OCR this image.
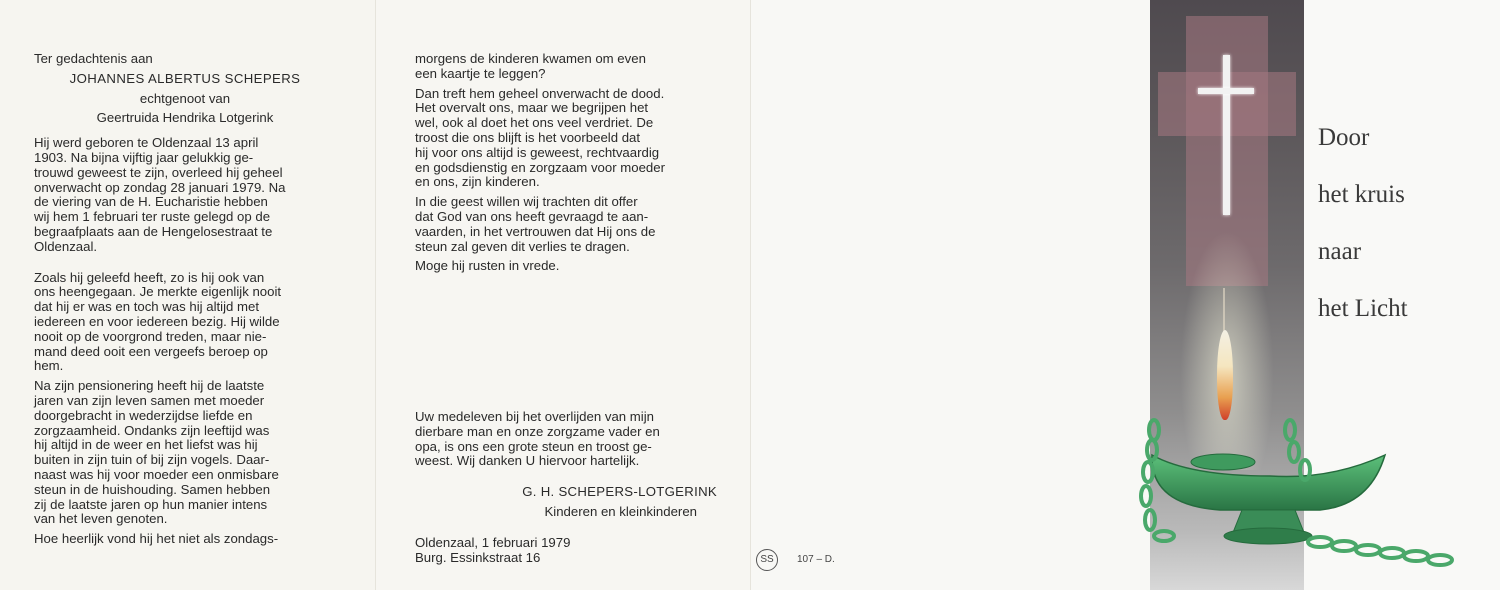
Ter gedachtenis aan

JOHANNES ALBERTUS SCHEPERS

echtgenoot van

Geertruida Hendrika Lotgerink

Hij werd geboren te Oldenzaal 13 april

1903. Na bijna vijftig jaar gelukkig ge-

trouwd geweest te zijn, overleed hij geheel

onverwacht op zondag 28 januari 1979. Na

de viering van de H. Eucharistie hebben

wij hem 1 februari ter ruste gelegd op de

begraafplaats aan de Hengelosestraat te

Oldenzaal.

Zoals hij geleefd heeft, zo is hij ook van

ons heengegaan. Je merkte eigenlijk nooit

dat hij er was en toch was hij altijd met

iedereen en voor iedereen bezig. Hij wilde

nooit op de voorgrond treden, maar nie-

mand deed ooit een vergeefs beroep op

hem.

Na zijn pensionering heeft hij de laatste

jaren van zijn leven samen met moeder

doorgebracht in wederzijdse liefde en

zorgzaamheid. Ondanks zijn leeftijd was

hij altijd in de weer en het liefst was hij

buiten in zijn tuin of bij zijn vogels. Daar-

naast was hij voor moeder een onmisbare

steun in de huishouding. Samen hebben

zij de laatste jaren op hun manier intens

van het leven genoten.

Hoe heerlijk vond hij het niet als zondags-

morgens de kinderen kwamen om even

een kaartje te leggen?

Dan treft hem geheel onverwacht de dood.

Het overvalt ons, maar we begrijpen het

wel, ook al doet het ons veel verdriet. De

troost die ons blijft is het voorbeeld dat

hij voor ons altijd is geweest, rechtvaardig

en godsdienstig en zorgzaam voor moeder

en ons, zijn kinderen.

In die geest willen wij trachten dit offer

dat God van ons heeft gevraagd te aan-

vaarden, in het vertrouwen dat Hij ons de

steun zal geven dit verlies te dragen.

Moge hij rusten in vrede.

Uw medeleven bij het overlijden van mijn

dierbare man en onze zorgzame vader en

opa, is ons een grote steun en troost ge-

weest. Wij danken U hiervoor hartelijk.

G. H. SCHEPERS-LOTGERINK

Kinderen en kleinkinderen

Oldenzaal, 1 februari 1979

Burg. Essinkstraat 16	SS	107 – D.
Door
het kruis
naar
het Licht
